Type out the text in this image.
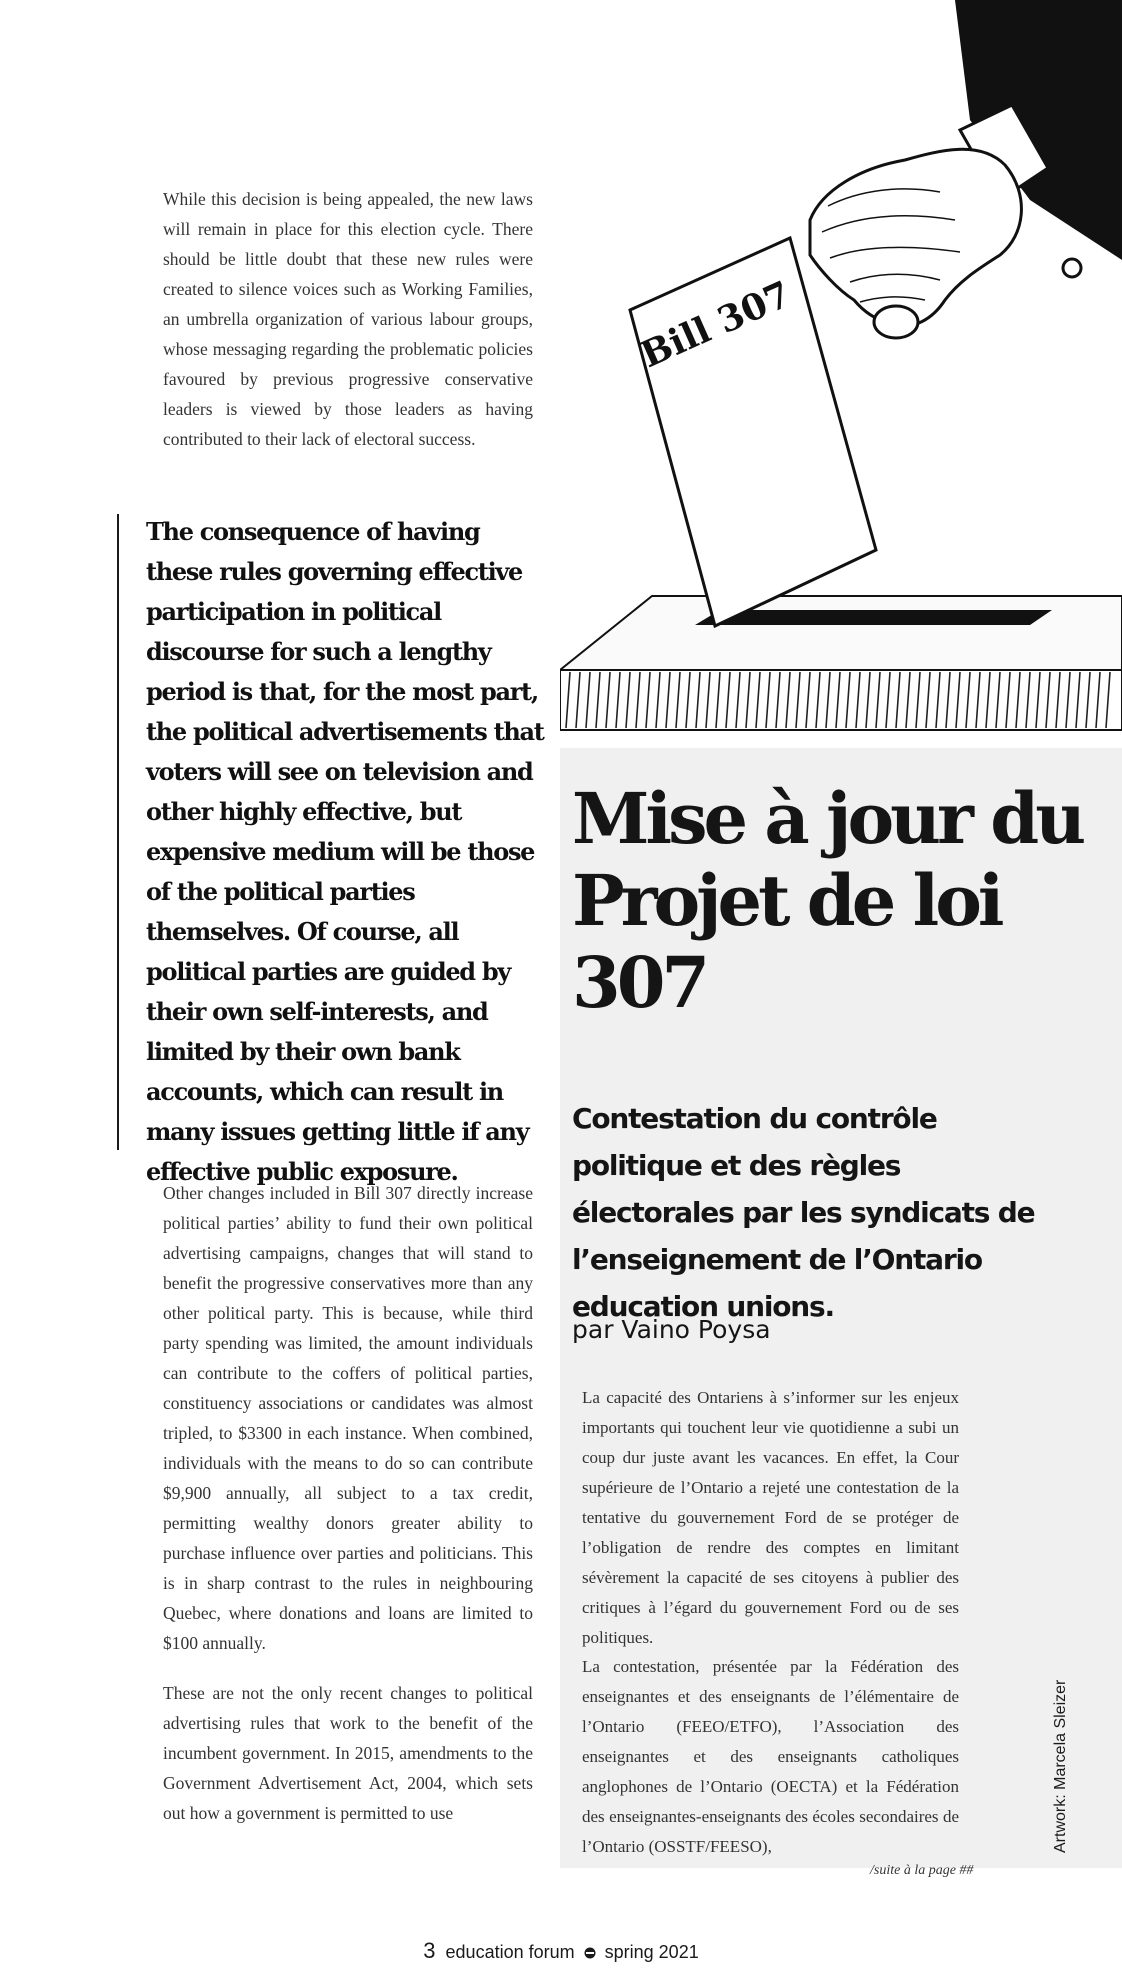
While this decision is being appealed, the new laws will remain in place for this election cycle. There should be little doubt that these new rules were created to silence voices such as Working Families, an umbrella organization of various labour groups, whose messaging regarding the problematic policies favoured by previous progressive conservative leaders is viewed by those leaders as having contributed to their lack of electoral success.

The consequence of having these rules governing effective participation in political discourse for such a lengthy period is that, for the most part, the political advertisements that voters will see on television and other highly effective, but expensive medium will be those of the political parties themselves. Of course, all political parties are guided by their own self-interests, and limited by their own bank accounts, which can result in many issues getting little if any effective public exposure.

Other changes included in Bill 307 directly increase political parties’ ability to fund their own political advertising campaigns, changes that will stand to benefit the progressive conservatives more than any other political party. This is because, while third party spending was limited, the amount individuals can contribute to the coffers of political parties, constituency associations or candidates was almost tripled, to $3300 in each instance. When combined, individuals with the means to do so can contribute $9,900 annually, all subject to a tax credit, permitting wealthy donors greater ability to purchase influence over parties and politicians. This is in sharp contrast to the rules in neighbouring Quebec, where donations and loans are limited to $100 annually.

These are not the only recent changes to political advertising rules that work to the benefit of the incumbent government. In 2015, amendments to the Government Advertisement Act, 2004, which sets out how a government is permitted to use

Bill 307
Mise à jour du Projet de loi 307
Contestation du contrôle politique et des règles électorales par les syndicats de l’enseignement de l’Ontario education unions.

par Vaino Poysa

La capacité des Ontariens à s’informer sur les enjeux importants qui touchent leur vie quotidienne a subi un coup dur juste avant les vacances. En effet, la Cour supérieure de l’Ontario a rejeté une contestation de la tentative du gouvernement Ford de se protéger de l’obligation de rendre des comptes en limitant sévèrement la capacité de ses citoyens à publier des critiques à l’égard du gouvernement Ford ou de ses politiques.

La contestation, présentée par la Fédération des enseignantes et des enseignants de l’élémentaire de l’Ontario (FEEO/ETFO), l’Association des enseignantes et des enseignants catholiques anglophones de l’Ontario (OECTA) et la Fédération des enseignantes-enseignants des écoles secondaires de l’Ontario (OSSTF/FEESO),	Artwork: Marcela Sleizer

/suite à la page ##

3 education forum spring 2021
